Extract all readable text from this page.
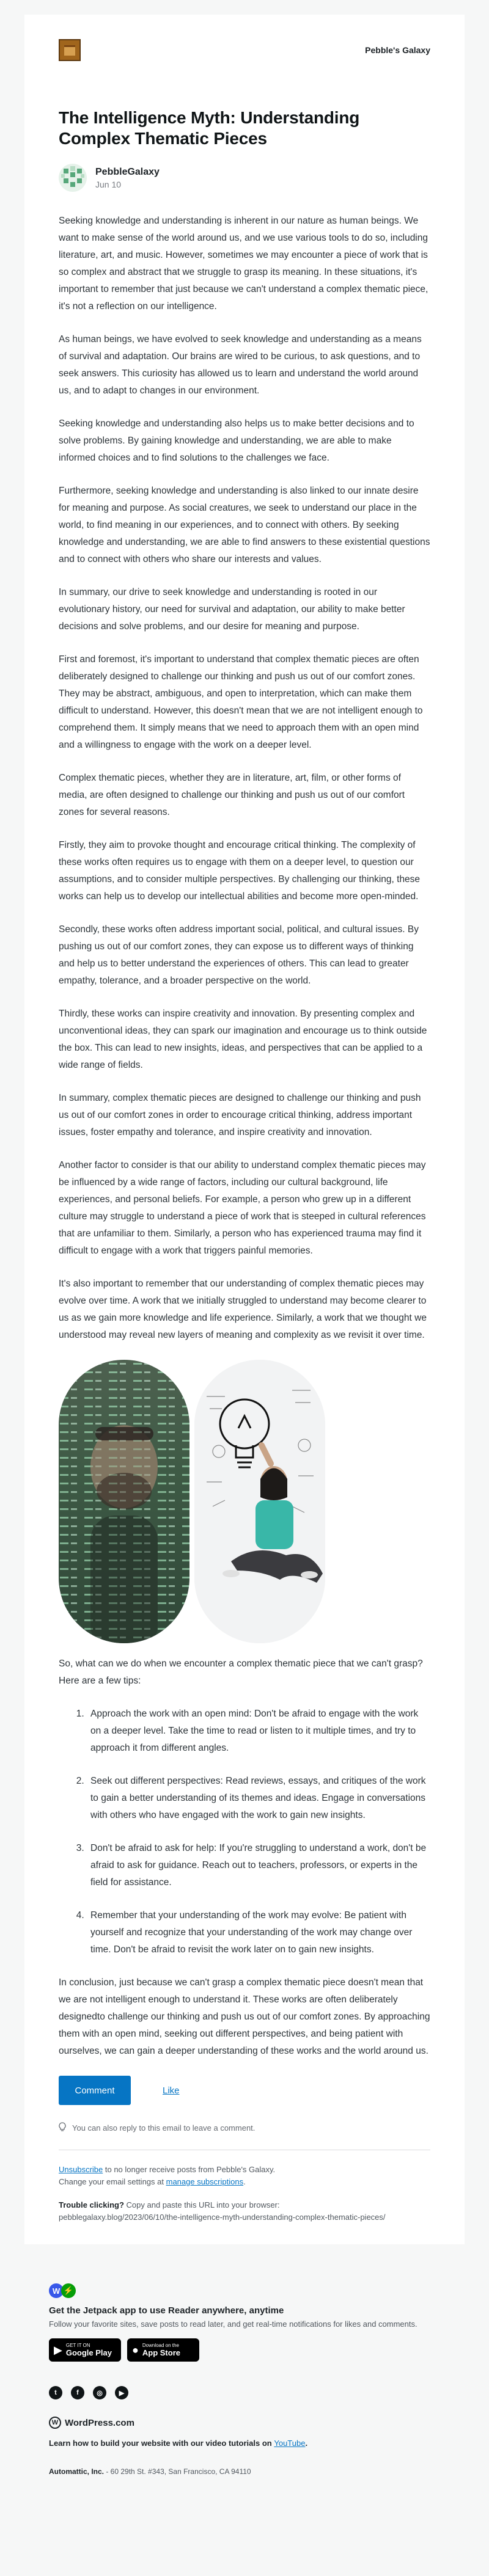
Pebble's Galaxy
The Intelligence Myth: Understanding Complex Thematic Pieces
PebbleGalaxy
Jun 10

Seeking knowledge and understanding is inherent in our nature as human beings. We want to make sense of the world around us, and we use various tools to do so, including literature, art, and music. However, sometimes we may encounter a piece of work that is so complex and abstract that we struggle to grasp its meaning. In these situations, it's important to remember that just because we can't understand a complex thematic piece, it's not a reflection on our intelligence.

As human beings, we have evolved to seek knowledge and understanding as a means of survival and adaptation. Our brains are wired to be curious, to ask questions, and to seek answers. This curiosity has allowed us to learn and understand the world around us, and to adapt to changes in our environment.

Seeking knowledge and understanding also helps us to make better decisions and to solve problems. By gaining knowledge and understanding, we are able to make informed choices and to find solutions to the challenges we face.

Furthermore, seeking knowledge and understanding is also linked to our innate desire for meaning and purpose. As social creatures, we seek to understand our place in the world, to find meaning in our experiences, and to connect with others. By seeking knowledge and understanding, we are able to find answers to these existential questions and to connect with others who share our interests and values.

In summary, our drive to seek knowledge and understanding is rooted in our evolutionary history, our need for survival and adaptation, our ability to make better decisions and solve problems, and our desire for meaning and purpose.

First and foremost, it's important to understand that complex thematic pieces are often deliberately designed to challenge our thinking and push us out of our comfort zones. They may be abstract, ambiguous, and open to interpretation, which can make them difficult to understand. However, this doesn't mean that we are not intelligent enough to comprehend them. It simply means that we need to approach them with an open mind and a willingness to engage with the work on a deeper level.

Complex thematic pieces, whether they are in literature, art, film, or other forms of media, are often designed to challenge our thinking and push us out of our comfort zones for several reasons.

Firstly, they aim to provoke thought and encourage critical thinking. The complexity of these works often requires us to engage with them on a deeper level, to question our assumptions, and to consider multiple perspectives. By challenging our thinking, these works can help us to develop our intellectual abilities and become more open-minded.

Secondly, these works often address important social, political, and cultural issues. By pushing us out of our comfort zones, they can expose us to different ways of thinking and help us to better understand the experiences of others. This can lead to greater empathy, tolerance, and a broader perspective on the world.

Thirdly, these works can inspire creativity and innovation. By presenting complex and unconventional ideas, they can spark our imagination and encourage us to think outside the box. This can lead to new insights, ideas, and perspectives that can be applied to a wide range of fields.

In summary, complex thematic pieces are designed to challenge our thinking and push us out of our comfort zones in order to encourage critical thinking, address important issues, foster empathy and tolerance, and inspire creativity and innovation.

Another factor to consider is that our ability to understand complex thematic pieces may be influenced by a wide range of factors, including our cultural background, life experiences, and personal beliefs. For example, a person who grew up in a different culture may struggle to understand a piece of work that is steeped in cultural references that are unfamiliar to them. Similarly, a person who has experienced trauma may find it difficult to engage with a work that triggers painful memories.

It's also important to remember that our understanding of complex thematic pieces may evolve over time. A work that we initially struggled to understand may become clearer to us as we gain more knowledge and life experience. Similarly, a work that we thought we understood may reveal new layers of meaning and complexity as we revisit it over time.

So, what can we do when we encounter a complex thematic piece that we can't grasp? Here are a few tips:

1. Approach the work with an open mind: Don't be afraid to engage with the work on a deeper level. Take the time to read or listen to it multiple times, and try to approach it from different angles.
2. Seek out different perspectives: Read reviews, essays, and critiques of the work to gain a better understanding of its themes and ideas. Engage in conversations with others who have engaged with the work to gain new insights.
3. Don't be afraid to ask for help: If you're struggling to understand a work, don't be afraid to ask for guidance. Reach out to teachers, professors, or experts in the field for assistance.
4. Remember that your understanding of the work may evolve: Be patient with yourself and recognize that your understanding of the work may change over time. Don't be afraid to revisit the work later on to gain new insights.

In conclusion, just because we can't grasp a complex thematic piece doesn't mean that we are not intelligent enough to understand it. These works are often deliberately designedto challenge our thinking and push us out of our comfort zones. By approaching them with an open mind, seeking out different perspectives, and being patient with ourselves, we can gain a deeper understanding of these works and the world around us.

Comment	Like
You can also reply to this email to leave a comment.
Unsubscribe to no longer receive posts from Pebble's Galaxy.
Change your email settings at manage subscriptions.
Trouble clicking? Copy and paste this URL into your browser:
pebblegalaxy.blog/2023/06/10/the-intelligence-myth-understanding-complex-thematic-pieces/
W ⚡
Get the Jetpack app to use Reader anywhere, anytime
Follow your favorite sites, save posts to read later, and get real-time notifications for likes and comments.
▶ GET IT ON
Google Play ● Download on the
App Store
t	f	◎	▶
W WordPress.com
Learn how to build your website with our video tutorials on YouTube.
Automattic, Inc. - 60 29th St. #343, San Francisco, CA 94110
